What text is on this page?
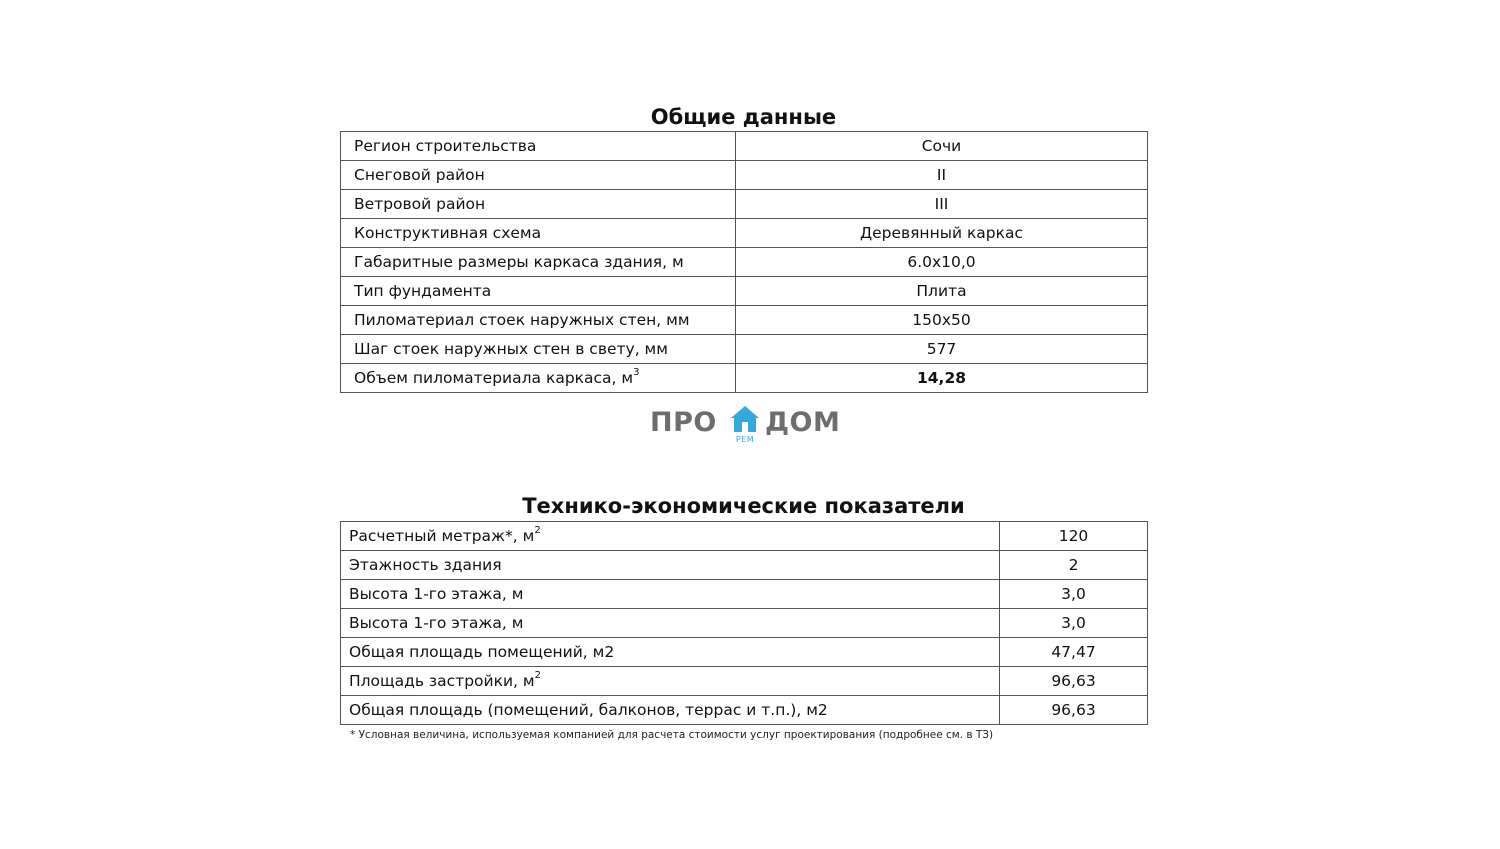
Общие данные
Регион строительства	Сочи
Снеговой район	II
Ветровой район	III
Конструктивная схема	Деревянный каркас
Габаритные размеры каркаса здания, м	6.0х10,0
Тип фундамента	Плита
Пиломатериал стоек наружных стен, мм	150х50
Шаг стоек наружных стен в свету, мм	577
Объем пиломатериала каркаса, $м^3$	14,28
ПРО
РЕМ
ДОМ
Технико-экономические показатели
Расчетный метраж*, $м^2$	120
Этажность здания	2
Высота 1-го этажа, м	3,0
Высота 1-го этажа, м	3,0
Общая площадь помещений, м2	47,47
Площадь застройки, $м^2$	96,63
Общая площадь (помещений, балконов, террас и т.п.), м2	96,63
* Условная величина, используемая компанией для расчета стоимости услуг проектирования (подробнее см. в ТЗ)
